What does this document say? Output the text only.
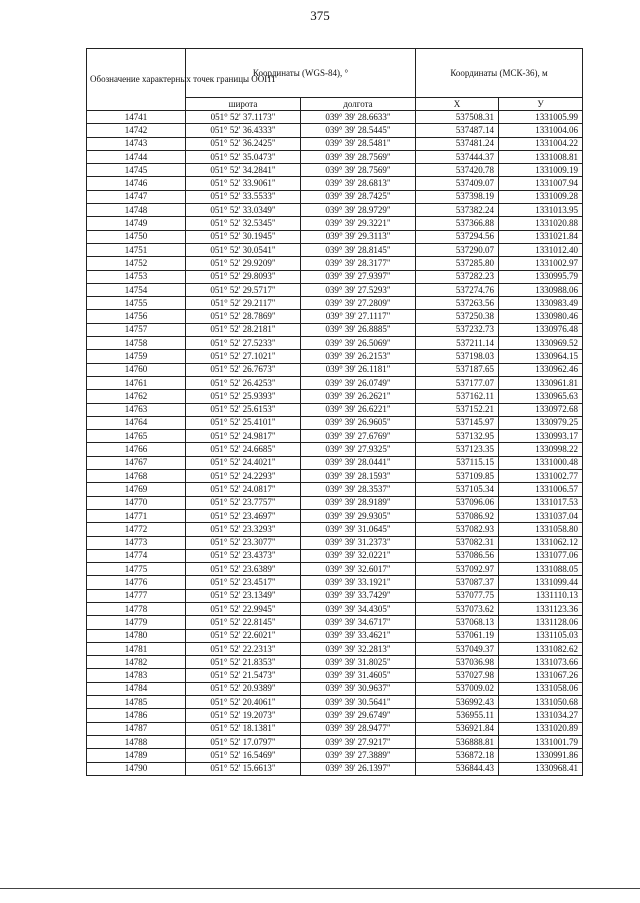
375
Обозначение характерных точек границы ООПТ	Координаты (WGS-84), °		Координаты (МСК-36), м	
	широта	долгота	X	У
14741	051° 52' 37.1173"	039° 39' 28.6633"	537508.31	1331005.99
14742	051° 52' 36.4333"	039° 39' 28.5445"	537487.14	1331004.06
14743	051° 52' 36.2425"	039° 39' 28.5481"	537481.24	1331004.22
14744	051° 52' 35.0473"	039° 39' 28.7569"	537444.37	1331008.81
14745	051° 52' 34.2841"	039° 39' 28.7569"	537420.78	1331009.19
14746	051° 52' 33.9061"	039° 39' 28.6813"	537409.07	1331007.94
14747	051° 52' 33.5533"	039° 39' 28.7425"	537398.19	1331009.28
14748	051° 52' 33.0349"	039° 39' 28.9729"	537382.24	1331013.95
14749	051° 52' 32.5345"	039° 39' 29.3221"	537366.88	1331020.88
14750	051° 52' 30.1945"	039° 39' 29.3113"	537294.56	1331021.84
14751	051° 52' 30.0541"	039° 39' 28.8145"	537290.07	1331012.40
14752	051° 52' 29.9209"	039° 39' 28.3177"	537285.80	1331002.97
14753	051° 52' 29.8093"	039° 39' 27.9397"	537282.23	1330995.79
14754	051° 52' 29.5717"	039° 39' 27.5293"	537274.76	1330988.06
14755	051° 52' 29.2117"	039° 39' 27.2809"	537263.56	1330983.49
14756	051° 52' 28.7869"	039° 39' 27.1117"	537250.38	1330980.46
14757	051° 52' 28.2181"	039° 39' 26.8885"	537232.73	1330976.48
14758	051° 52' 27.5233"	039° 39' 26.5069"	537211.14	1330969.52
14759	051° 52' 27.1021"	039° 39' 26.2153"	537198.03	1330964.15
14760	051° 52' 26.7673"	039° 39' 26.1181"	537187.65	1330962.46
14761	051° 52' 26.4253"	039° 39' 26.0749"	537177.07	1330961.81
14762	051° 52' 25.9393"	039° 39' 26.2621"	537162.11	1330965.63
14763	051° 52' 25.6153"	039° 39' 26.6221"	537152.21	1330972.68
14764	051° 52' 25.4101"	039° 39' 26.9605"	537145.97	1330979.25
14765	051° 52' 24.9817"	039° 39' 27.6769"	537132.95	1330993.17
14766	051° 52' 24.6685"	039° 39' 27.9325"	537123.35	1330998.22
14767	051° 52' 24.4021"	039° 39' 28.0441"	537115.15	1331000.48
14768	051° 52' 24.2293"	039° 39' 28.1593"	537109.85	1331002.77
14769	051° 52' 24.0817"	039° 39' 28.3537"	537105.34	1331006.57
14770	051° 52' 23.7757"	039° 39' 28.9189"	537096.06	1331017.53
14771	051° 52' 23.4697"	039° 39' 29.9305"	537086.92	1331037.04
14772	051° 52' 23.3293"	039° 39' 31.0645"	537082.93	1331058.80
14773	051° 52' 23.3077"	039° 39' 31.2373"	537082.31	1331062.12
14774	051° 52' 23.4373"	039° 39' 32.0221"	537086.56	1331077.06
14775	051° 52' 23.6389"	039° 39' 32.6017"	537092.97	1331088.05
14776	051° 52' 23.4517"	039° 39' 33.1921"	537087.37	1331099.44
14777	051° 52' 23.1349"	039° 39' 33.7429"	537077.75	1331110.13
14778	051° 52' 22.9945"	039° 39' 34.4305"	537073.62	1331123.36
14779	051° 52' 22.8145"	039° 39' 34.6717"	537068.13	1331128.06
14780	051° 52' 22.6021"	039° 39' 33.4621"	537061.19	1331105.03
14781	051° 52' 22.2313"	039° 39' 32.2813"	537049.37	1331082.62
14782	051° 52' 21.8353"	039° 39' 31.8025"	537036.98	1331073.66
14783	051° 52' 21.5473"	039° 39' 31.4605"	537027.98	1331067.26
14784	051° 52' 20.9389"	039° 39' 30.9637"	537009.02	1331058.06
14785	051° 52' 20.4061"	039° 39' 30.5641"	536992.43	1331050.68
14786	051° 52' 19.2073"	039° 39' 29.6749"	536955.11	1331034.27
14787	051° 52' 18.1381"	039° 39' 28.9477"	536921.84	1331020.89
14788	051° 52' 17.0797"	039° 39' 27.9217"	536888.81	1331001.79
14789	051° 52' 16.5469"	039° 39' 27.3889"	536872.18	1330991.86
14790	051° 52' 15.6613"	039° 39' 26.1397"	536844.43	1330968.41
